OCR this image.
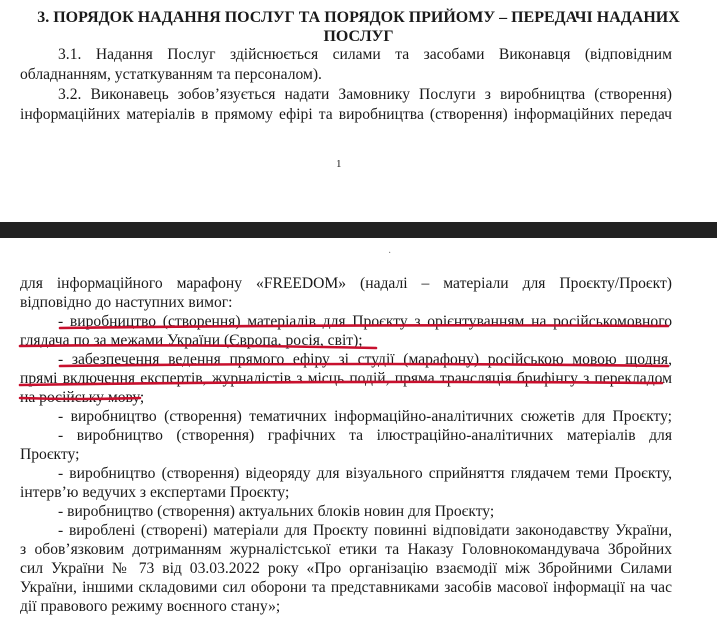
3. ПОРЯДОК НАДАННЯ ПОСЛУГ ТА ПОРЯДОК ПРИЙОМУ – ПЕРЕДАЧІ НАДАНИХ
ПОСЛУГ
3.1. Надання Послуг здійснюється силами та засобами Виконавця (відповідним
обладнанням, устаткуванням та персоналом).
3.2. Виконавець зобов’язується надати Замовнику Послуги з виробництва (створення)
інформаційних матеріалів в прямому ефірі та виробництва (створення) інформаційних передач
1
·
для інформаційного марафону «FREEDOM» (надалі – матеріали для Проєкту/Проєкт)
відповідно до наступних вимог:
- виробництво (створення) матеріалів для Проєкту з орієнтуванням на російськомовного
глядача по за межами України (Європа, росія, світ);
- забезпечення ведення прямого ефіру зі студії (марафону) російською мовою щодня,
прямі включення експертів, журналістів з місць подій, пряма трансляція брифінгу з перекладом
на російську мову;
- виробництво (створення) тематичних інформаційно-аналітичних сюжетів для Проєкту;
- виробництво (створення) графічних та ілюстраційно-аналітичних матеріалів для
Проєкту;
- виробництво (створення) відеоряду для візуального сприйняття глядачем теми Проєкту,
інтерв’ю ведучих з експертами Проєкту;
- виробництво (створення) актуальних блоків новин для Проєкту;
- вироблені (створені) матеріали для Проєкту повинні відповідати законодавству України,
з обов’язковим дотриманням журналістської етики та Наказу Головнокомандувача Збройних
сил України № 73 від 03.03.2022 року «Про організацію взаємодії між Збройними Силами
України, іншими складовими сил оборони та представниками засобів масової інформації на час
дії правового режиму воєнного стану»;
